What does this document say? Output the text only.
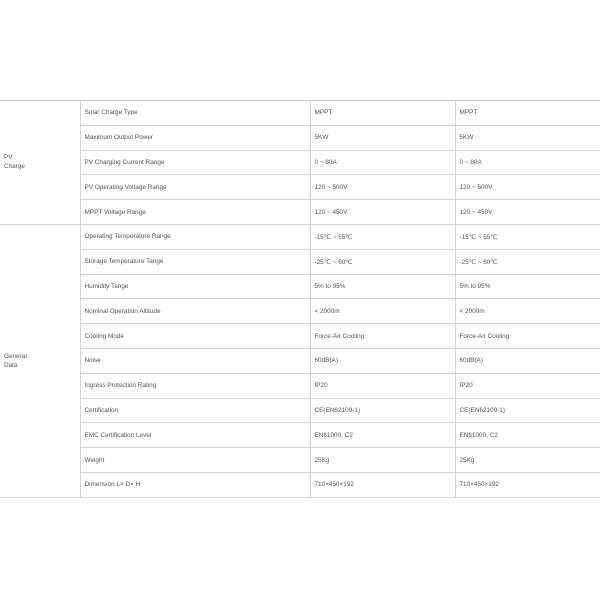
PV
Charge	Solar Charge Type	MPPT	MPPT
	Maximum Output Power	5KW	5KW
	PV Charging Current Range	0 ~ 80A	0 ~ 80A
	PV Operating Voltage Range	120 ~ 500V	120 ~ 500V
	MPPT Voltage Range	120 ~ 450V	120 ~ 450V
General
Data	Operating Temperature Range	-15℃ ~ 55℃	-15℃ ~ 55℃
	Storage Temperature Tange	-25℃ ~ 60℃	-25℃ ~ 60℃
	Humidity Tange	5% to 95%	5% to 95%
	Nominal Operation Altitude	< 2000m	< 2000m
	Cooling Mode	Force-Air Cooling	Force-Air Cooling
	Noise	60dB(A)	60dB(A)
	Ingress Protection Rating	IP20	IP20
	Certification	CE(EN62109-1)	CE(EN62109-1)
	EMC Certification Level	EN61000, C2	EN61000, C2
	Weight	25Kg	25Kg
	Dimension L× D× H	710×450×192	710×450×192
